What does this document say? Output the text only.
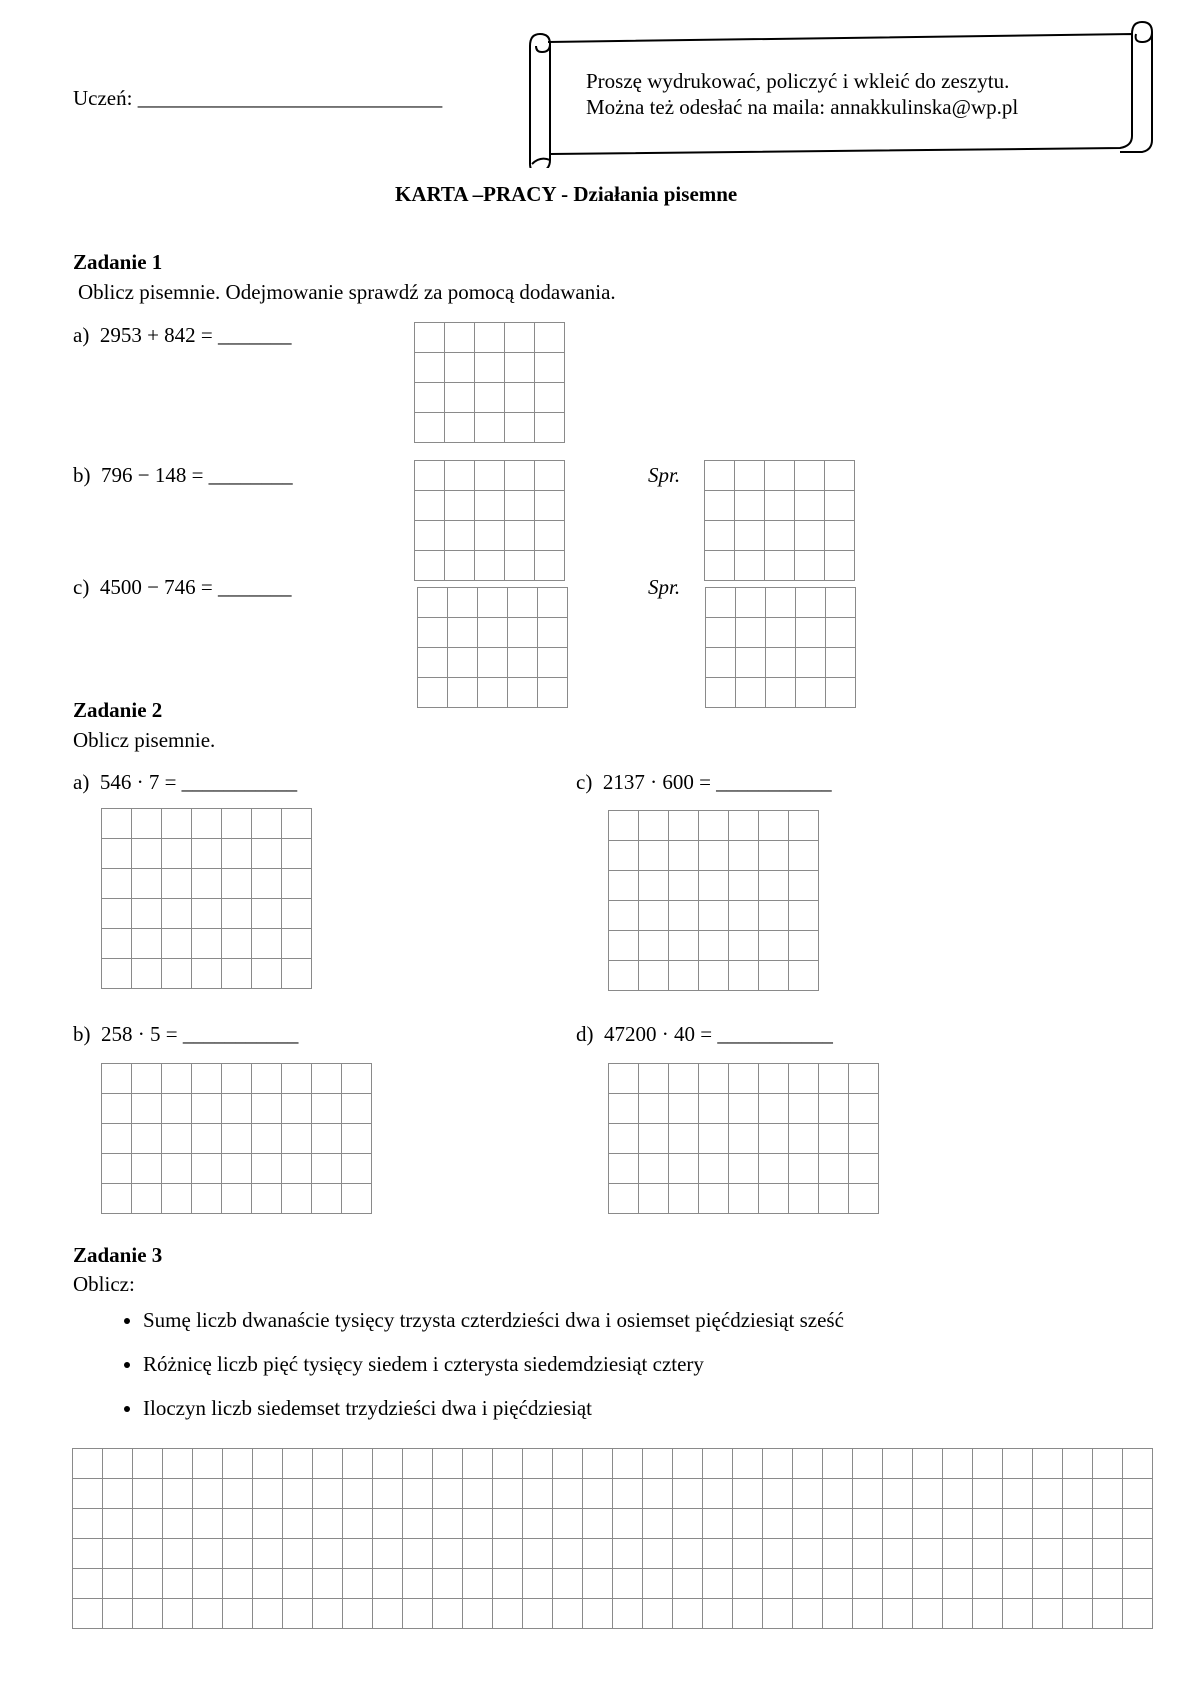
Uczeń: _____________________________
Proszę wydrukować, policzyć i wkleić do zeszytu.
Można też odesłać na maila: annakkulinska@wp.pl
KARTA –PRACY - Działania pisemne
Zadanie 1
Oblicz pisemnie. Odejmowanie sprawdź za pomocą dodawania.
a) 2953 + 842 = _______
b) 796 − 148 = ________
c) 4500 − 746 = _______
Spr.
Spr.
Zadanie 2
Oblicz pisemnie.
a) 546 · 7 = ___________	c) 2137 · 600 = ___________
b) 258 · 5 = ___________	d) 47200 · 40 = ___________
Zadanie 3
Oblicz:
• Sumę liczb dwanaście tysięcy trzysta czterdzieści dwa i osiemset pięćdziesiąt sześć
• Różnicę liczb pięć tysięcy siedem i czterysta siedemdziesiąt cztery
• Iloczyn liczb siedemset trzydzieści dwa i pięćdziesiąt
